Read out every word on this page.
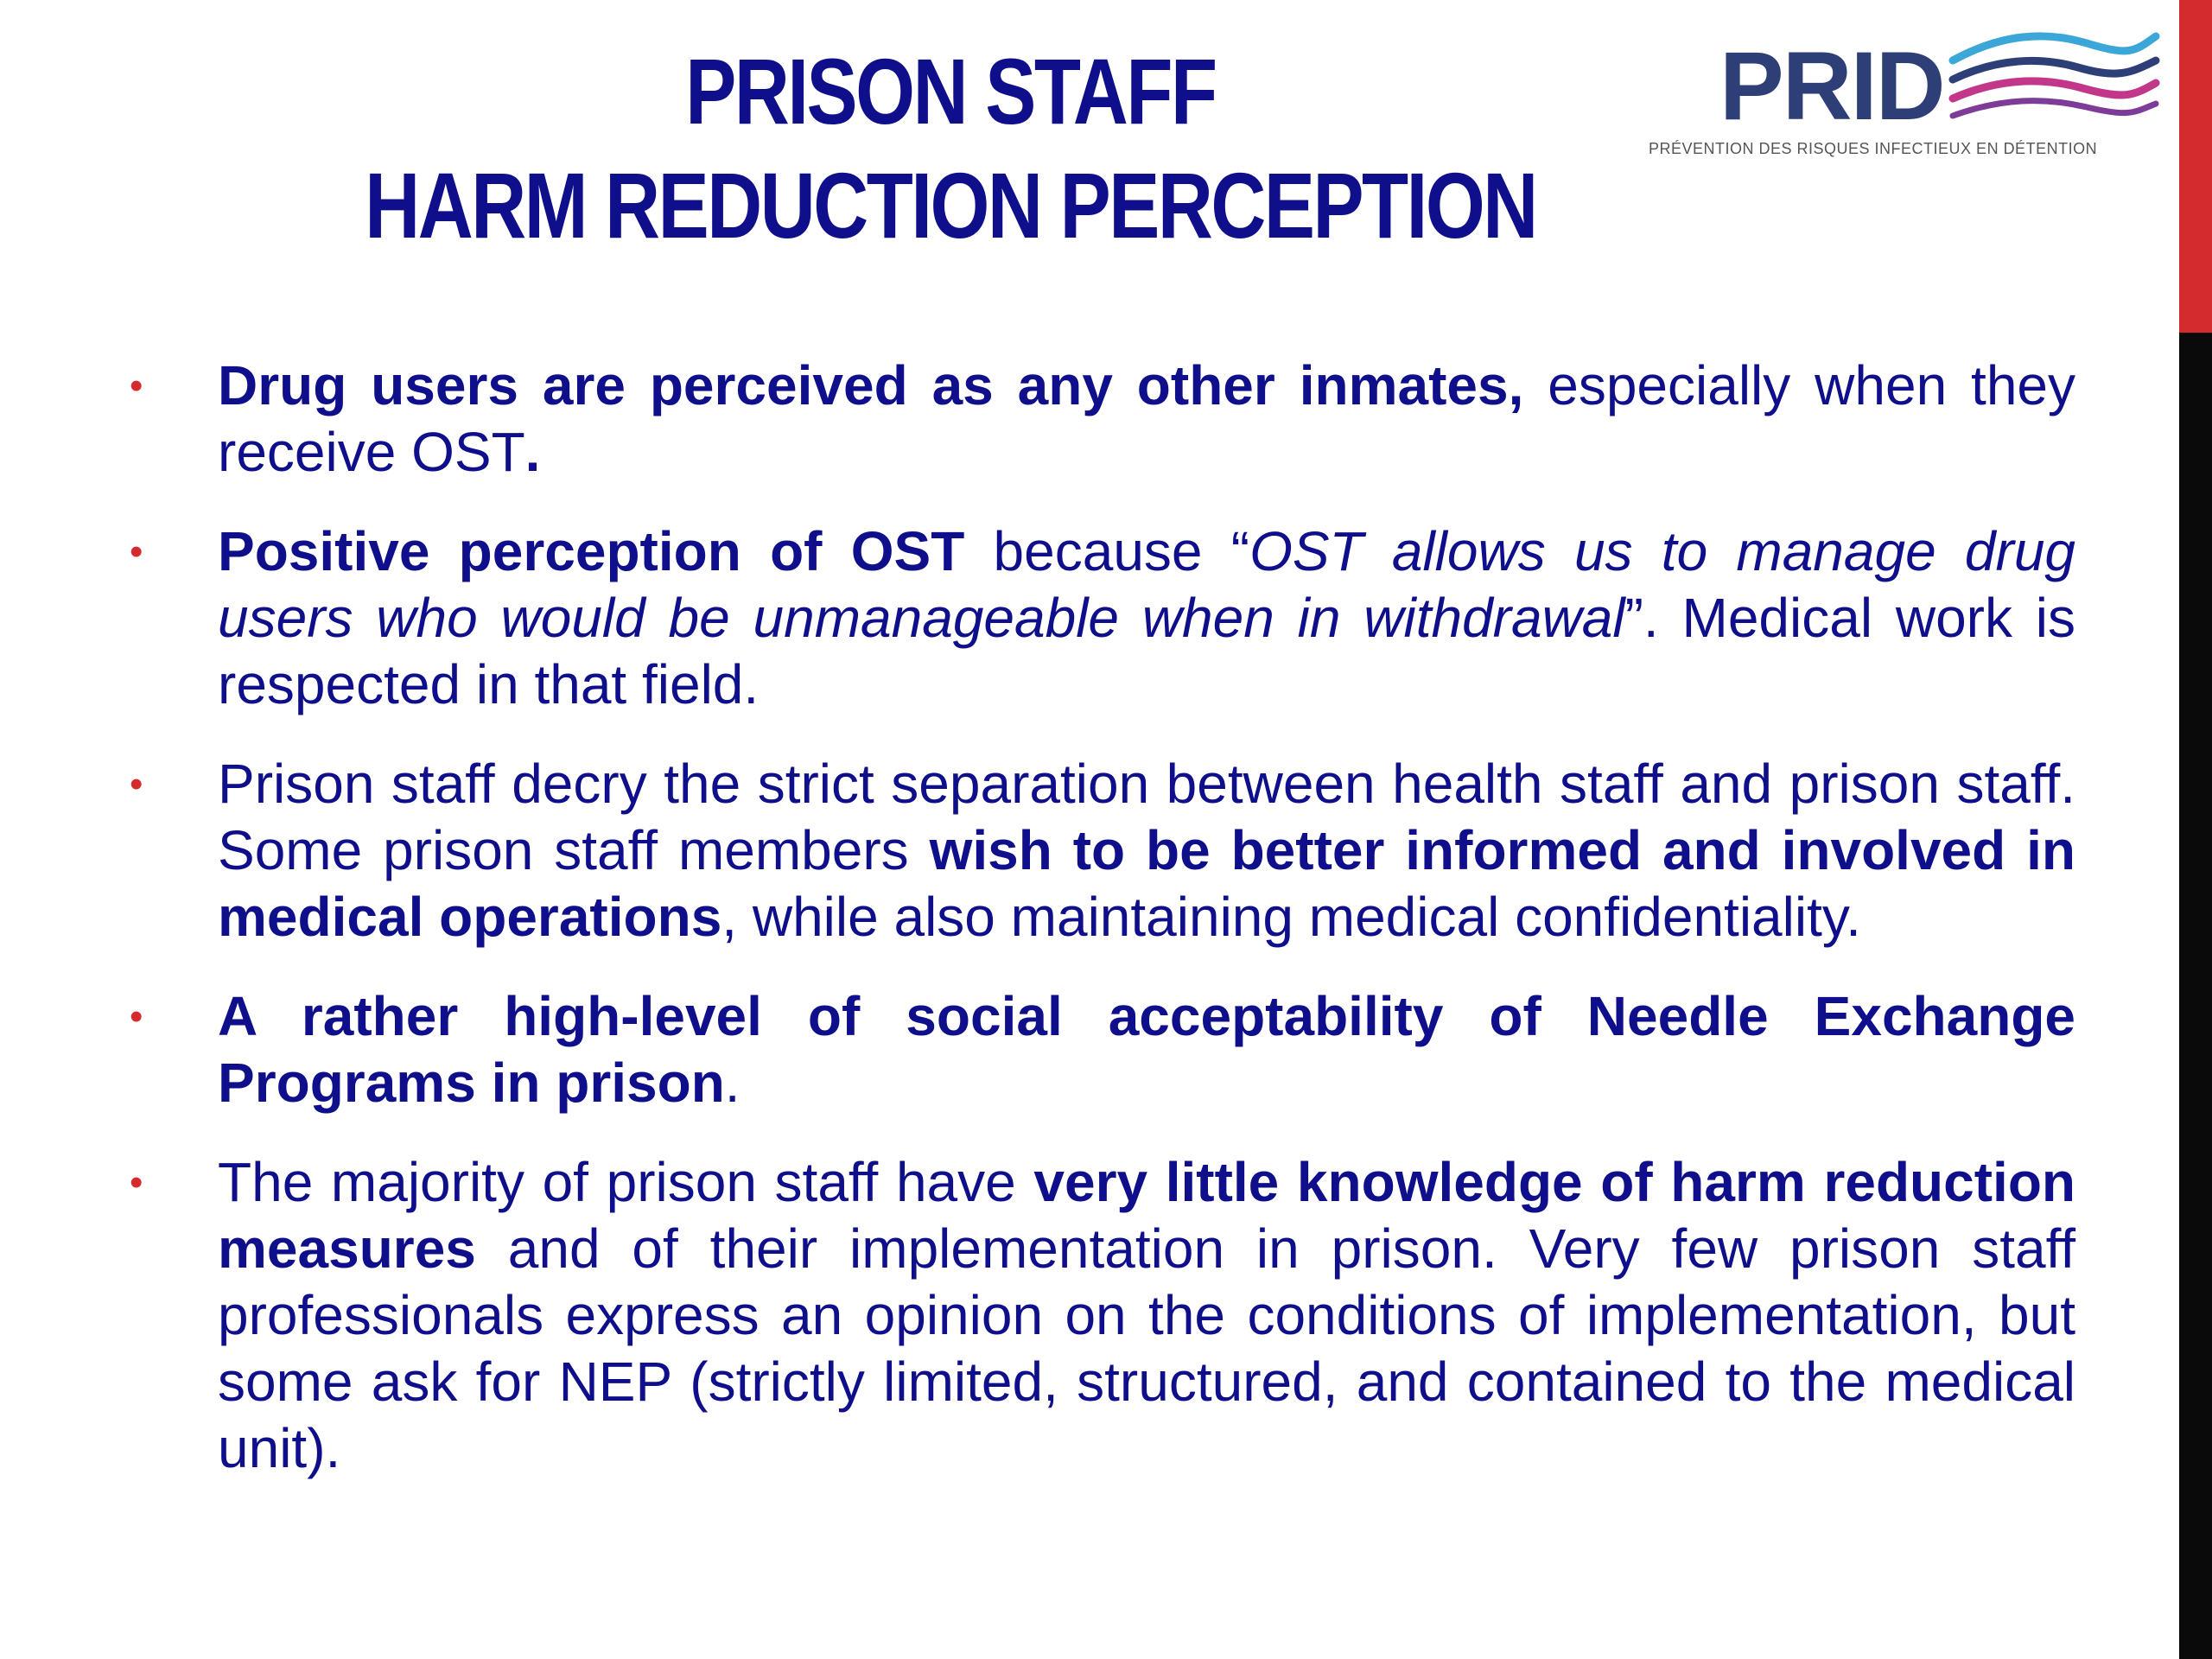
PRISON STAFF
HARM REDUCTION PERCEPTION
PRID
PRÉVENTION DES RISQUES INFECTIEUX EN DÉTENTION
• Drug users are perceived as any other inmates, especially when they receive OST.
• Positive perception of OST because “OST allows us to manage drug users who would be unmanageable when in withdrawal”. Medical work is respected in that field.
• Prison staff decry the strict separation between health staff and prison staff. Some prison staff members wish to be better informed and involved in medical operations, while also maintaining medical confidentiality.
• A rather high-level of social acceptability of Needle Exchange Programs in prison.
• The majority of prison staff have very little knowledge of harm reduction measures and of their implementation in prison. Very few prison staff professionals express an opinion on the conditions of implementation, but some ask for NEP (strictly limited, structured, and contained to the medical unit).
